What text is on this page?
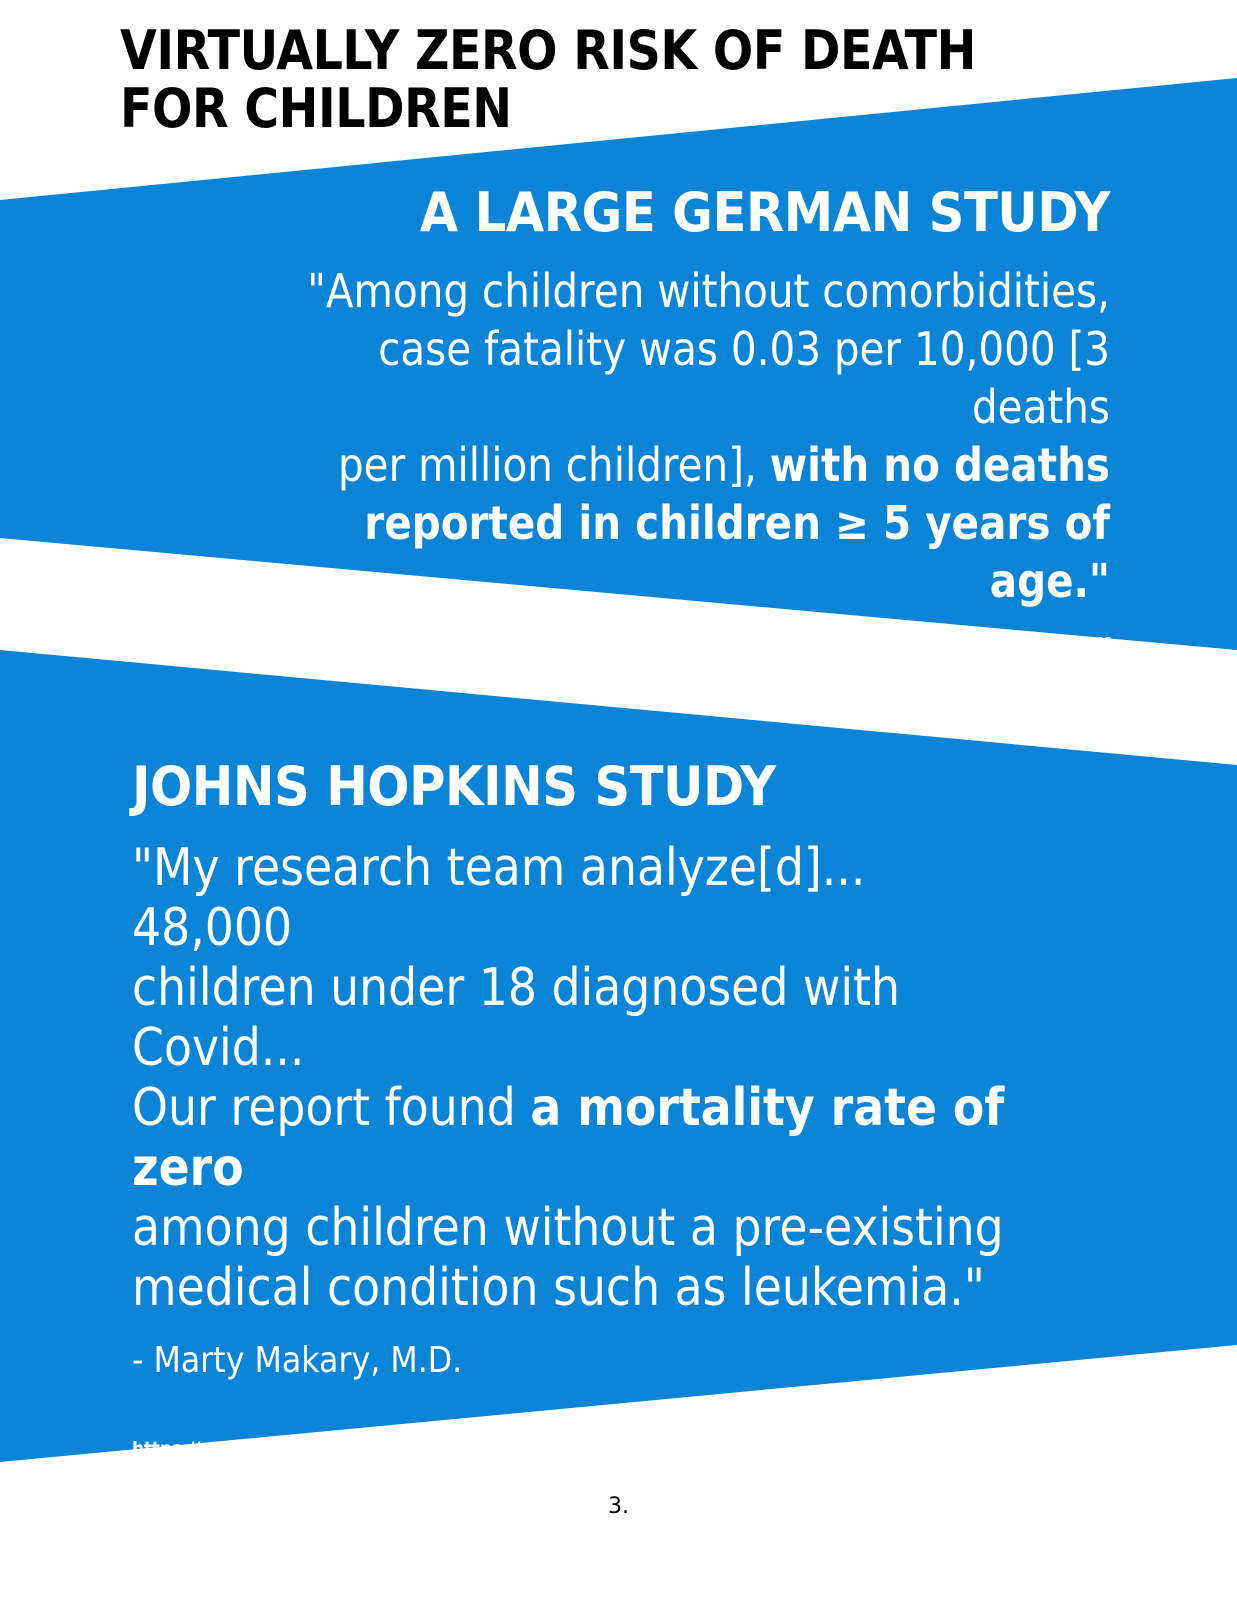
VIRTUALLY ZERO RISK OF DEATH
FOR CHILDREN
A LARGE GERMAN STUDY

"Among children without comorbidities,
case fatality was 0.03 per 10,000 [3 deaths
per million children], with no deaths
reported in children ≥ 5 years of age."

https://www.medrxiv.org/content/10.1101/2021.11.30.21267048v1.full.pdf
JOHNS HOPKINS STUDY

"My research team analyze[d]... 48,000
children under 18 diagnosed with Covid...
Our report found a mortality rate of zero
among children without a pre-existing
medical condition such as leukemia."

- Marty Makary, M.D.

https://www.wsj.com/articles/cdc-covid-19-coronavirus-vaccine-side-effects
hospitalization-kids-11626706868
3.
